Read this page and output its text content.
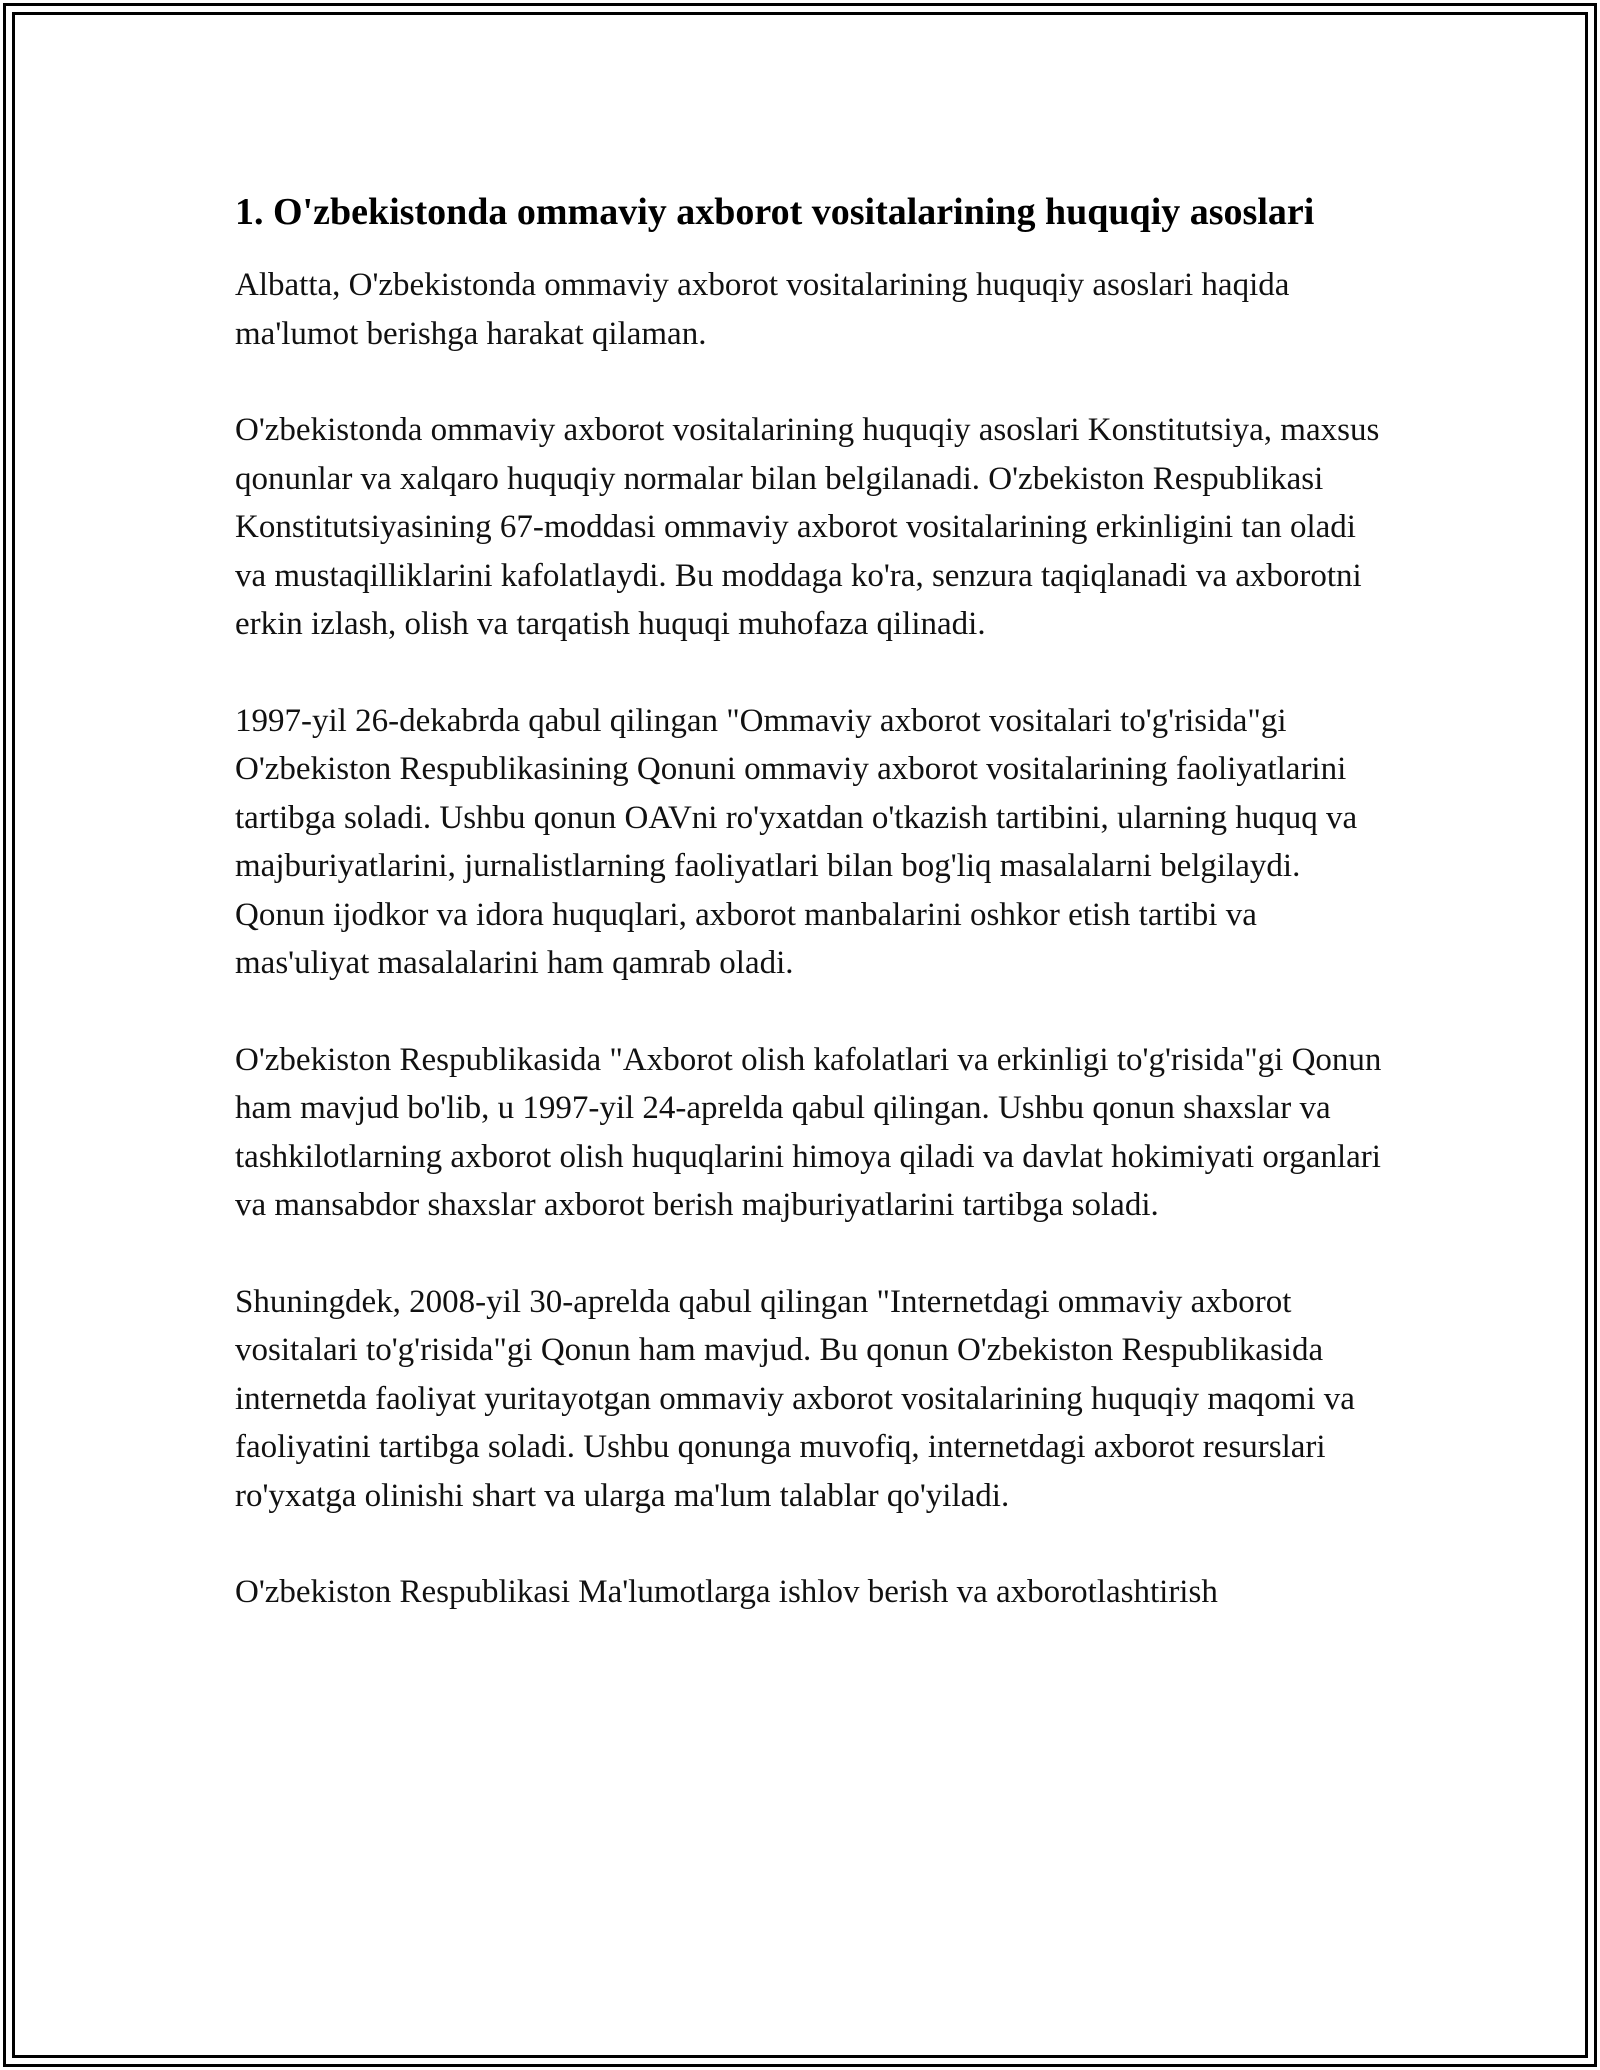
1. O'zbekistonda ommaviy axborot vositalarining huquqiy asoslari

Albatta, O'zbekistonda ommaviy axborot vositalarining huquqiy asoslari haqida ma'lumot berishga harakat qilaman.

O'zbekistonda ommaviy axborot vositalarining huquqiy asoslari Konstitutsiya, maxsus qonunlar va xalqaro huquqiy normalar bilan belgilanadi. O'zbekiston Respublikasi Konstitutsiyasining 67-moddasi ommaviy axborot vositalarining erkinligini tan oladi va mustaqilliklarini kafolatlaydi. Bu moddaga ko'ra, senzura taqiqlanadi va axborotni erkin izlash, olish va tarqatish huquqi muhofaza qilinadi.

1997-yil 26-dekabrda qabul qilingan "Ommaviy axborot vositalari to'g'risida"gi O'zbekiston Respublikasining Qonuni ommaviy axborot vositalarining faoliyatlarini tartibga soladi. Ushbu qonun OAVni ro'yxatdan o'tkazish tartibini, ularning huquq va majburiyatlarini, jurnalistlarning faoliyatlari bilan bog'liq masalalarni belgilaydi. Qonun ijodkor va idora huquqlari, axborot manbalarini oshkor etish tartibi va mas'uliyat masalalarini ham qamrab oladi.

O'zbekiston Respublikasida "Axborot olish kafolatlari va erkinligi to'g'risida"gi Qonun ham mavjud bo'lib, u 1997-yil 24-aprelda qabul qilingan. Ushbu qonun shaxslar va tashkilotlarning axborot olish huquqlarini himoya qiladi va davlat hokimiyati organlari va mansabdor shaxslar axborot berish majburiyatlarini tartibga soladi.

Shuningdek, 2008-yil 30-aprelda qabul qilingan "Internetdagi ommaviy axborot vositalari to'g'risida"gi Qonun ham mavjud. Bu qonun O'zbekiston Respublikasida internetda faoliyat yuritayotgan ommaviy axborot vositalarining huquqiy maqomi va faoliyatini tartibga soladi. Ushbu qonunga muvofiq, internetdagi axborot resurslari ro'yxatga olinishi shart va ularga ma'lum talablar qo'yiladi.

O'zbekiston Respublikasi Ma'lumotlarga ishlov berish va axborotlashtirish
